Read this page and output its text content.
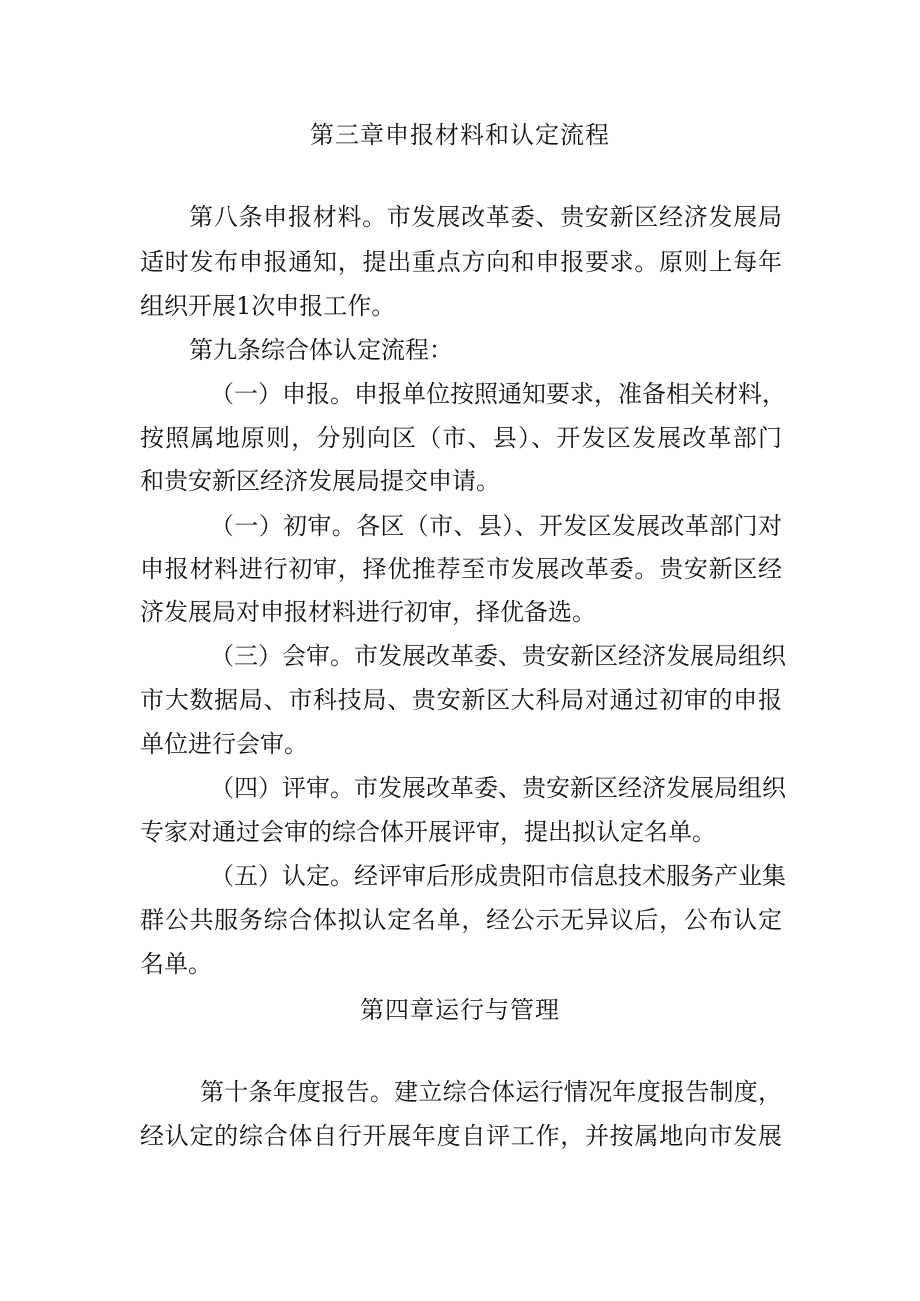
第三章申报材料和认定流程
第八条申报材料。市发展改革委、贵安新区经济发展局
适时发布申报通知，提出重点方向和申报要求。原则上每年
组织开展1次申报工作。
第九条综合体认定流程：
（一）申报。申报单位按照通知要求，准备相关材料，
按照属地原则，分别向区（市、县）、开发区发展改革部门
和贵安新区经济发展局提交申请。
（一）初审。各区（市、县）、开发区发展改革部门对
申报材料进行初审，择优推荐至市发展改革委。贵安新区经
济发展局对申报材料进行初审，择优备选。
（三）会审。市发展改革委、贵安新区经济发展局组织
市大数据局、市科技局、贵安新区大科局对通过初审的申报
单位进行会审。
（四）评审。市发展改革委、贵安新区经济发展局组织
专家对通过会审的综合体开展评审，提出拟认定名单。
（五）认定。经评审后形成贵阳市信息技术服务产业集
群公共服务综合体拟认定名单，经公示无异议后，公布认定
名单。
第四章运行与管理
第十条年度报告。建立综合体运行情况年度报告制度，
经认定的综合体自行开展年度自评工作，并按属地向市发展
